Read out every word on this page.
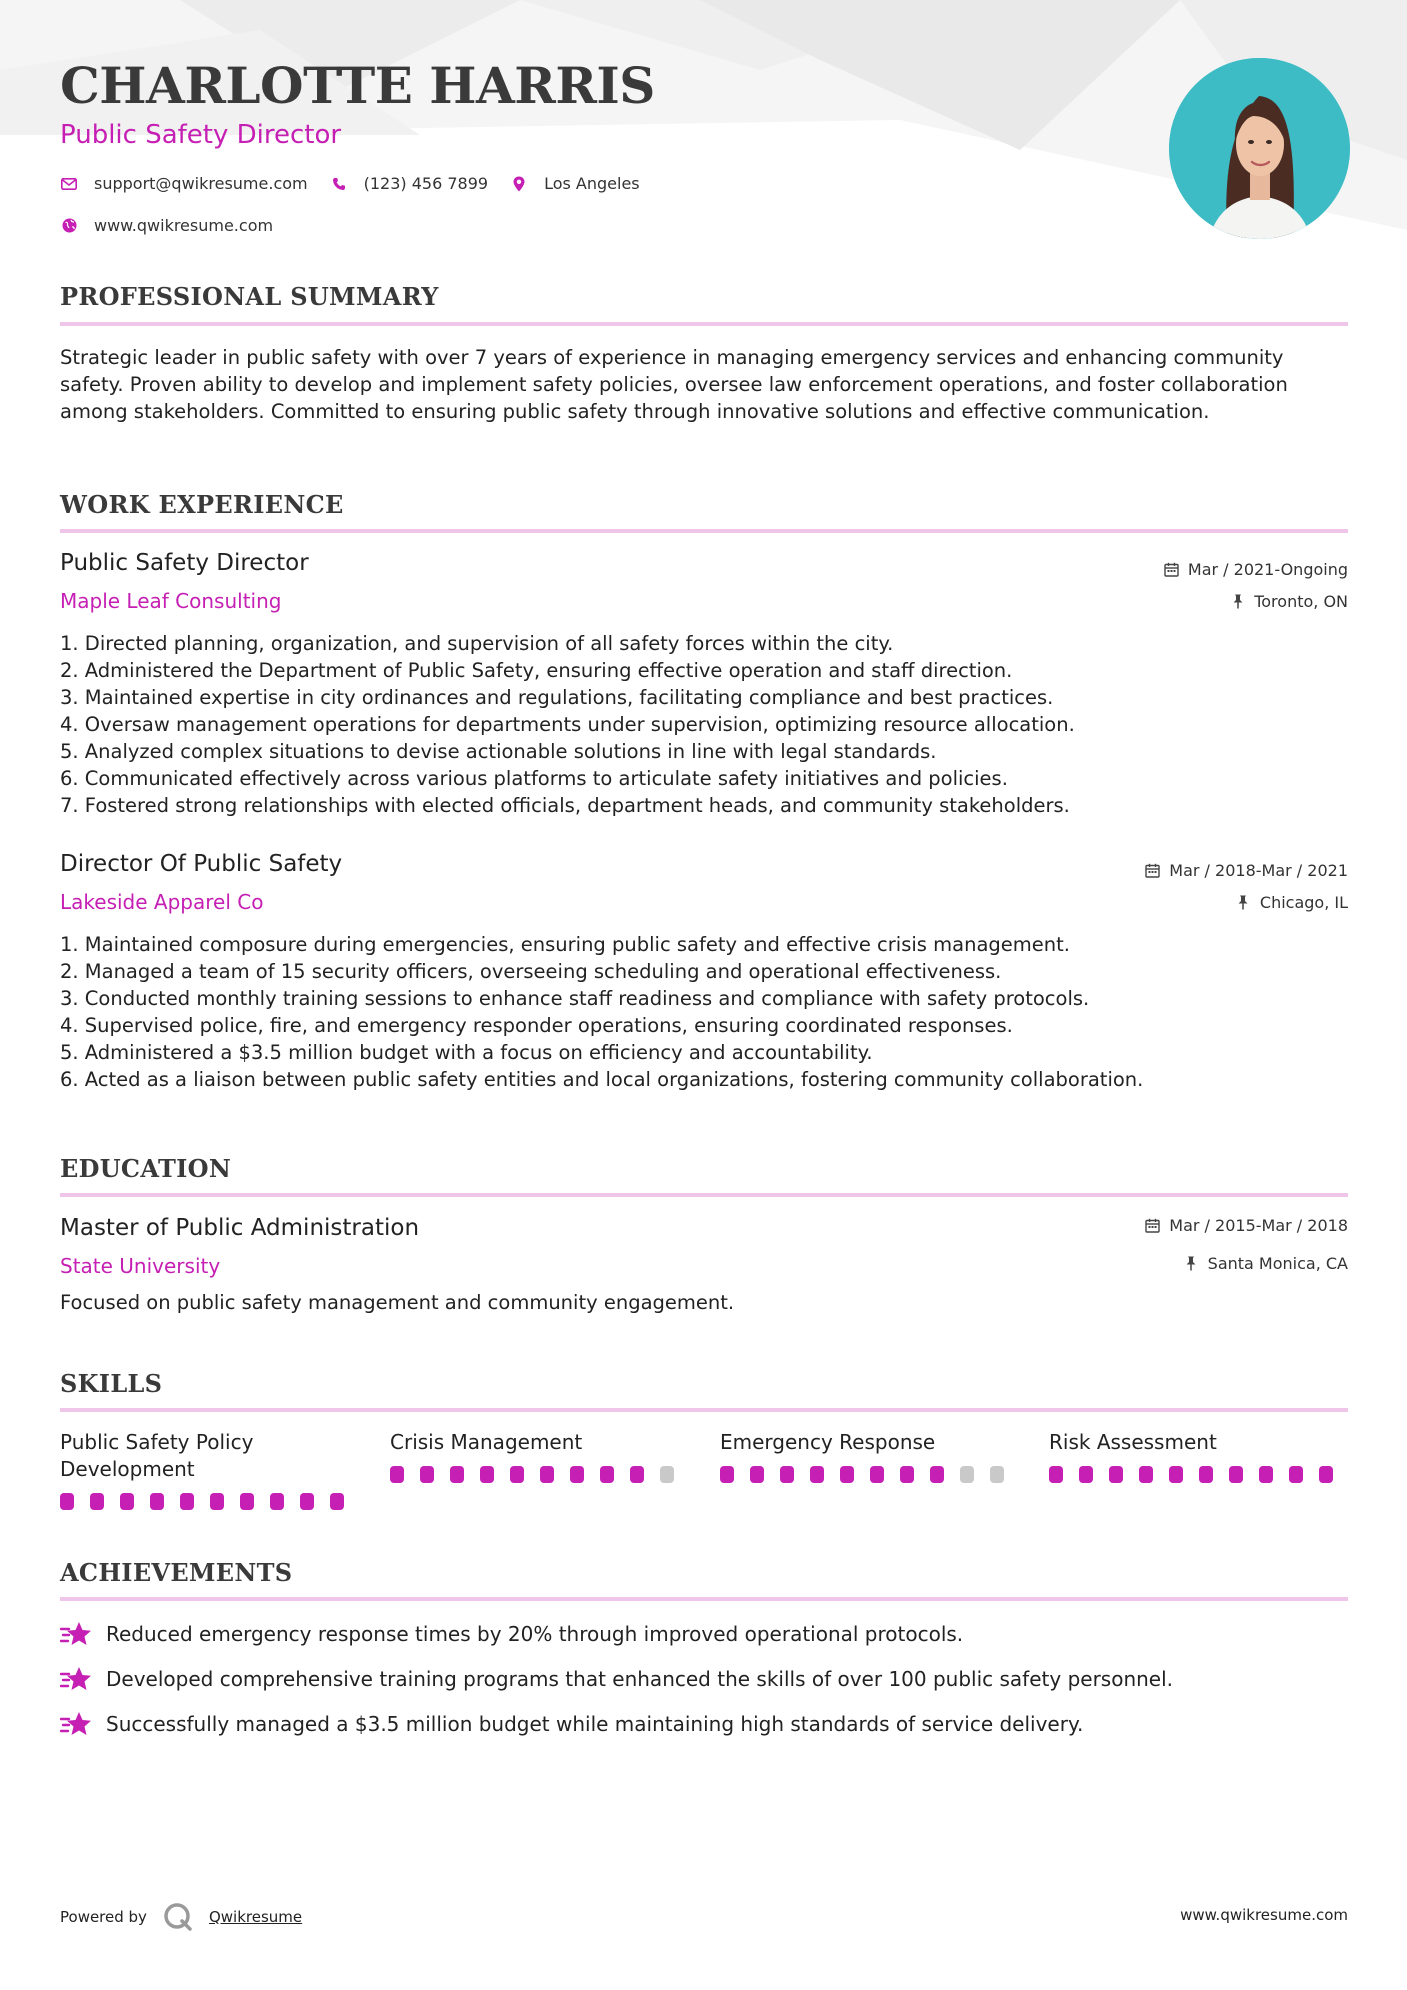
CHARLOTTE HARRIS
Public Safety Director
support@qwikresume.com	(123) 456 7899	Los Angeles
www.qwikresume.com
PROFESSIONAL SUMMARY
Strategic leader in public safety with over 7 years of experience in managing emergency services and enhancing community safety. Proven ability to develop and implement safety policies, oversee law enforcement operations, and foster collaboration among stakeholders. Committed to ensuring public safety through innovative solutions and effective communication.
WORK EXPERIENCE
Public Safety Director	Mar / 2021-Ongoing
Maple Leaf Consulting	Toronto, ON
1. Directed planning, organization, and supervision of all safety forces within the city.
2. Administered the Department of Public Safety, ensuring effective operation and staff direction.
3. Maintained expertise in city ordinances and regulations, facilitating compliance and best practices.
4. Oversaw management operations for departments under supervision, optimizing resource allocation.
5. Analyzed complex situations to devise actionable solutions in line with legal standards.
6. Communicated effectively across various platforms to articulate safety initiatives and policies.
7. Fostered strong relationships with elected officials, department heads, and community stakeholders.
Director Of Public Safety	Mar / 2018-Mar / 2021
Lakeside Apparel Co	Chicago, IL
1. Maintained composure during emergencies, ensuring public safety and effective crisis management.
2. Managed a team of 15 security officers, overseeing scheduling and operational effectiveness.
3. Conducted monthly training sessions to enhance staff readiness and compliance with safety protocols.
4. Supervised police, fire, and emergency responder operations, ensuring coordinated responses.
5. Administered a $3.5 million budget with a focus on efficiency and accountability.
6. Acted as a liaison between public safety entities and local organizations, fostering community collaboration.
EDUCATION
Master of Public Administration	Mar / 2015-Mar / 2018
State University	Santa Monica, CA
Focused on public safety management and community engagement.
SKILLS
Public Safety Policy Development
Crisis Management	Emergency Response	Risk Assessment
ACHIEVEMENTS
Reduced emergency response times by 20% through improved operational protocols.
Developed comprehensive training programs that enhanced the skills of over 100 public safety personnel.
Successfully managed a $3.5 million budget while maintaining high standards of service delivery.
Powered by	Qwikresume	www.qwikresume.com
